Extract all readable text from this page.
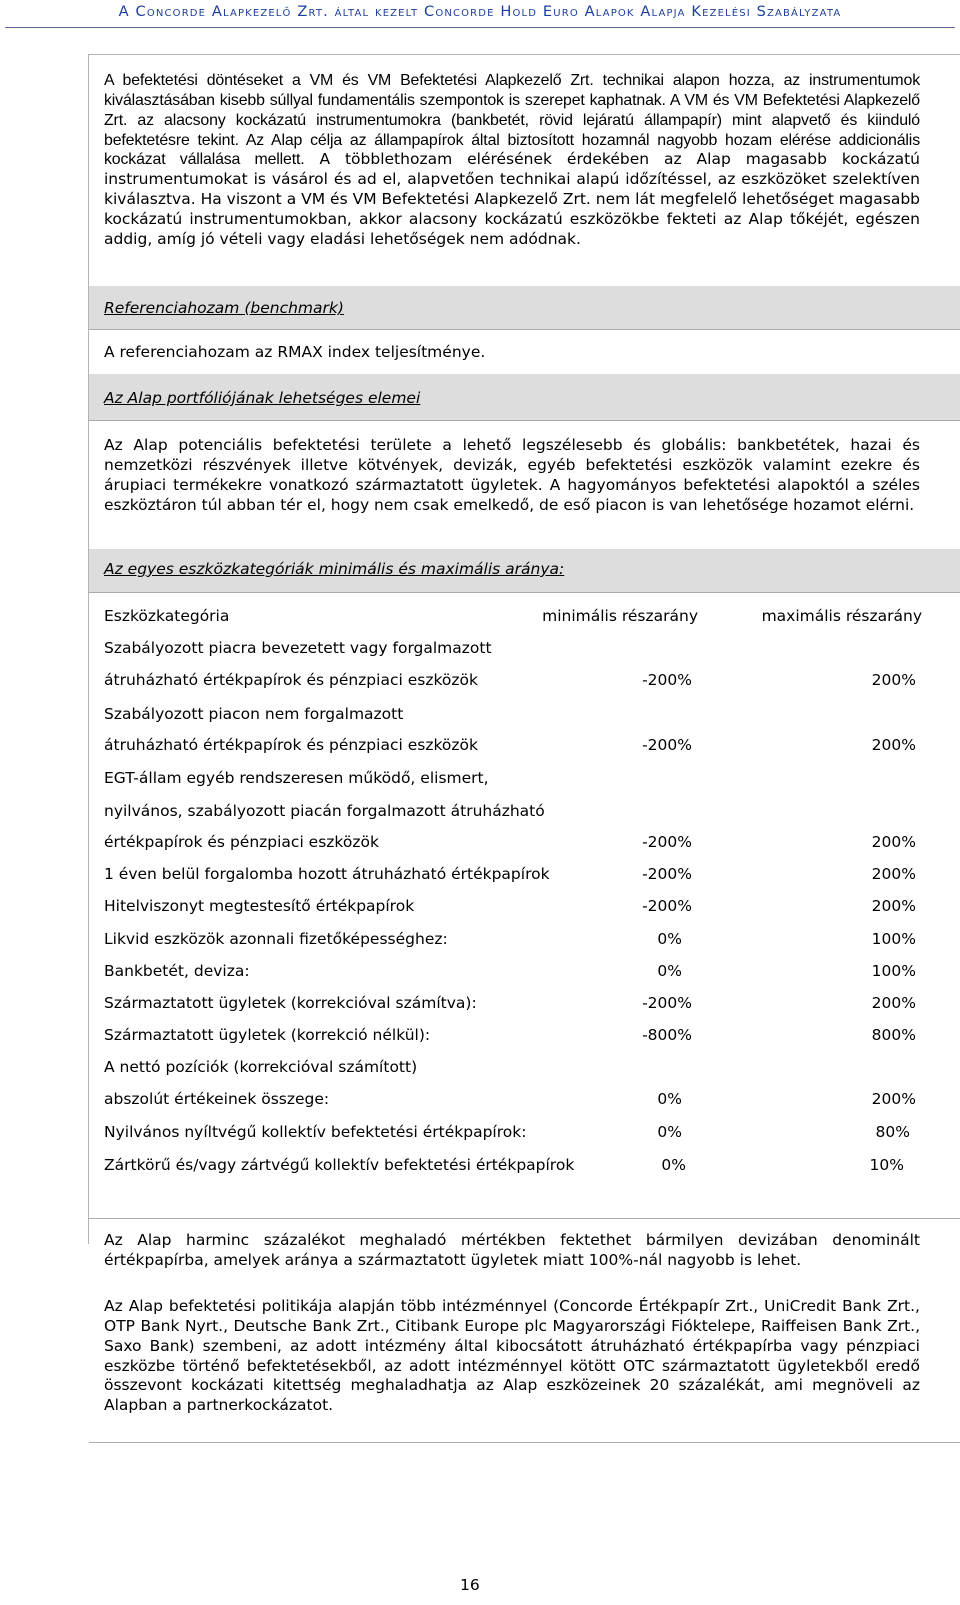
A Concorde Alapkezelő Zrt. által kezelt Concorde Hold Euro Alapok Alapja Kezelési Szabályzata

A befektetési döntéseket a VM és VM Befektetési Alapkezelő Zrt. technikai alapon hozza, az instrumentumok kiválasztásában kisebb súllyal fundamentális szempontok is szerepet kaphatnak. A VM és VM Befektetési Alapkezelő Zrt. az alacsony kockázatú instrumentumokra (bankbetét, rövid lejáratú állampapír) mint alapvető és kiinduló befektetésre tekint. Az Alap célja az állampapírok által biztosított hozamnál nagyobb hozam elérése addicionális kockázat vállalása mellett. A többlethozam elérésének érdekében az Alap magasabb kockázatú instrumentumokat is vásárol és ad el, alapvetően technikai alapú időzítéssel, az eszközöket szelektíven kiválasztva. Ha viszont a VM és VM Befektetési Alapkezelő Zrt. nem lát megfelelő lehetőséget magasabb kockázatú instrumentumokban, akkor alacsony kockázatú eszközökbe fekteti az Alap tőkéjét, egészen addig, amíg jó vételi vagy eladási lehetőségek nem adódnak.

Referenciahozam (benchmark)

A referenciahozam az RMAX index teljesítménye.

Az Alap portfóliójának lehetséges elemei

Az Alap potenciális befektetési területe a lehető legszélesebb és globális: bankbetétek, hazai és nemzetközi részvények illetve kötvények, devizák, egyéb befektetési eszközök valamint ezekre és árupiaci termékekre vonatkozó származtatott ügyletek. A hagyományos befektetési alapoktól a széles eszköztáron túl abban tér el, hogy nem csak emelkedő, de eső piacon is van lehetősége hozamot elérni.

Az egyes eszközkategóriák minimális és maximális aránya:
Eszközkategória	minimális részarány	maximális részarány
Szabályozott piacra bevezetett vagy forgalmazott
átruházható értékpapírok és pénzpiaci eszközök	-200%	200%
Szabályozott piacon nem forgalmazott
átruházható értékpapírok és pénzpiaci eszközök	-200%	200%
EGT-állam egyéb rendszeresen működő, elismert,
nyilvános, szabályozott piacán forgalmazott átruházható
értékpapírok és pénzpiaci eszközök	-200%	200%
1 éven belül forgalomba hozott átruházható értékpapírok	-200%	200%
Hitelviszonyt megtestesítő értékpapírok	-200%	200%
Likvid eszközök azonnali fizetőképességhez:	0%	100%
Bankbetét, deviza:	0%	100%
Származtatott ügyletek (korrekcióval számítva):	-200%	200%
Származtatott ügyletek (korrekció nélkül):	-800%	800%
A nettó pozíciók (korrekcióval számított)
abszolút értékeinek összege:	0%	200%
Nyilvános nyíltvégű kollektív befektetési értékpapírok:	0%	80%
Zártkörű és/vagy zártvégű kollektív befektetési értékpapírok	0%	10%

Az Alap harminc százalékot meghaladó mértékben fektethet bármilyen devizában denominált értékpapírba, amelyek aránya a származtatott ügyletek miatt 100%-nál nagyobb is lehet.

Az Alap befektetési politikája alapján több intézménnyel (Concorde Értékpapír Zrt., UniCredit Bank Zrt., OTP Bank Nyrt., Deutsche Bank Zrt., Citibank Europe plc Magyarországi Fióktelepe, Raiffeisen Bank Zrt., Saxo Bank) szembeni, az adott intézmény által kibocsátott átruházható értékpapírba vagy pénzpiaci eszközbe történő befektetésekből, az adott intézménnyel kötött OTC származtatott ügyletekből eredő összevont kockázati kitettség meghaladhatja az Alap eszközeinek 20 százalékát, ami megnöveli az Alapban a partnerkockázatot.

16
